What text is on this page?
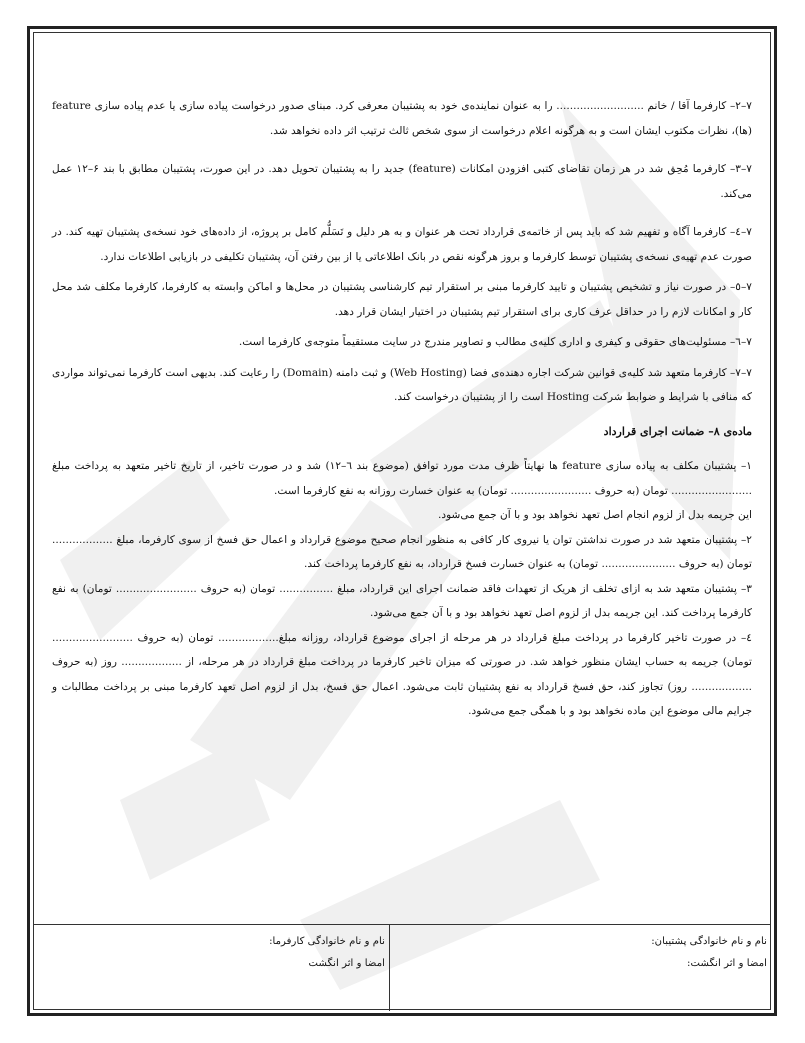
۷–۲– کارفرما آقا / خانم .......................... را به عنوان نماینده‌ی خود به پشتیبان معرفی کرد. مبنای صدور درخواست پیاده سازی یا عدم پیاده سازی feature (ها)، نظرات مکتوب ایشان است و به هرگونه اعلام درخواست از سوی شخص ثالث ترتیب اثر داده نخواهد شد.

۷–۳– کارفرما مُحِق شد در هر زمان تقاضای کتبی افزودن امکانات (feature) جدید را به پشتیبان تحویل دهد. در این صورت، پشتیبان مطابق با بند ۶–۱۲ عمل می‌کند.

۷–٤– کارفرما آگاه و تفهیم شد که باید پس از خاتمه‌ی قرارداد تحت هر عنوان و به هر دلیل و تَسَلُّم کامل بر پروژه، از داده‌های خود نسخه‌ی پشتیبان تهیه کند. در صورت عدم تهیه‌ی نسخه‌ی پشتیبان توسط کارفرما و بروز هرگونه نقص در بانک اطلاعاتی یا از بین رفتن آن، پشتیبان تکلیفی در بازیابی اطلاعات ندارد.

۷–٥– در صورت نیاز و تشخیص پشتیبان و تایید کارفرما مبنی بر استقرار تیم کارشناسی پشتیبان در محل‌ها و اماکن وابسته به کارفرما، کارفرما مکلف شد محل کار و امکانات لازم را در حداقل عرف کاری برای استقرار تیم پشتیبان در اختیار ایشان قرار دهد.

۷–٦– مسئولیت‌های حقوقی و کیفری و اداری کلیه‌ی مطالب و تصاویر مندرج در سایت مستقیماً متوجه‌ی کارفرما است.

۷–۷– کارفرما متعهد شد کلیه‌ی قوانین شرکت اجاره دهنده‌ی فضا (Web Hosting) و ثبت دامنه (Domain) را رعایت کند. بدیهی است کارفرما نمی‌تواند مواردی که منافی با شرایط و ضوابط شرکت Hosting است را از پشتیبان درخواست کند.

ماده‌ی ۸– ضمانت اجرای قرارداد

۱– پشتیبان مکلف به پیاده سازی feature ها نهایتاً ظرف مدت مورد توافق (موضوع بند ٦–۱۲) شد و در صورت تاخیر، از تاریخ تاخیر متعهد به پرداخت مبلغ ........................ تومان (به حروف ........................ تومان) به عنوان خسارت روزانه به نفع کارفرما است.

این جریمه بدل از لزوم انجام اصل تعهد نخواهد بود و با آن جمع می‌شود.

۲– پشتیبان متعهد شد در صورت نداشتن توان یا نیروی کار کافی به منظور انجام صحیح موضوع قرارداد و اعمال حق فسخ از سوی کارفرما، مبلغ .................. تومان (به حروف ...................... تومان) به عنوان خسارت فسخ قرارداد، به نفع کارفرما پرداخت کند.

۳– پشتیبان متعهد شد به ازای تخلف از هریک از تعهدات فاقد ضمانت اجرای این قرارداد، مبلغ ................ تومان (به حروف ........................ تومان) به نفع کارفرما پرداخت کند. این جریمه بدل از لزوم اصل تعهد نخواهد بود و با آن جمع می‌شود.

٤– در صورت تاخیر کارفرما در پرداخت مبلغ قرارداد در هر مرحله از اجرای موضوع قرارداد، روزانه مبلغ.................. تومان (به حروف ........................ تومان) جریمه به حساب ایشان منظور خواهد شد. در صورتی که میزان تاخیر کارفرما در پرداخت مبلغ قرارداد در هر مرحله، از .................. روز (به حروف .................. روز) تجاوز کند، حق فسخ قرارداد به نفع پشتیبان ثابت می‌شود. اعمال حق فسخ، بدل از لزوم اصل تعهد کارفرما مبنی بر پرداخت مطالبات و جرایم مالی موضوع این ماده نخواهد بود و با همگی جمع می‌شود.

نام و نام خانوادگی پشتیبان:
امضا و اثر انگشت:
نام و نام خانوادگی کارفرما:
امضا و اثر انگشت
